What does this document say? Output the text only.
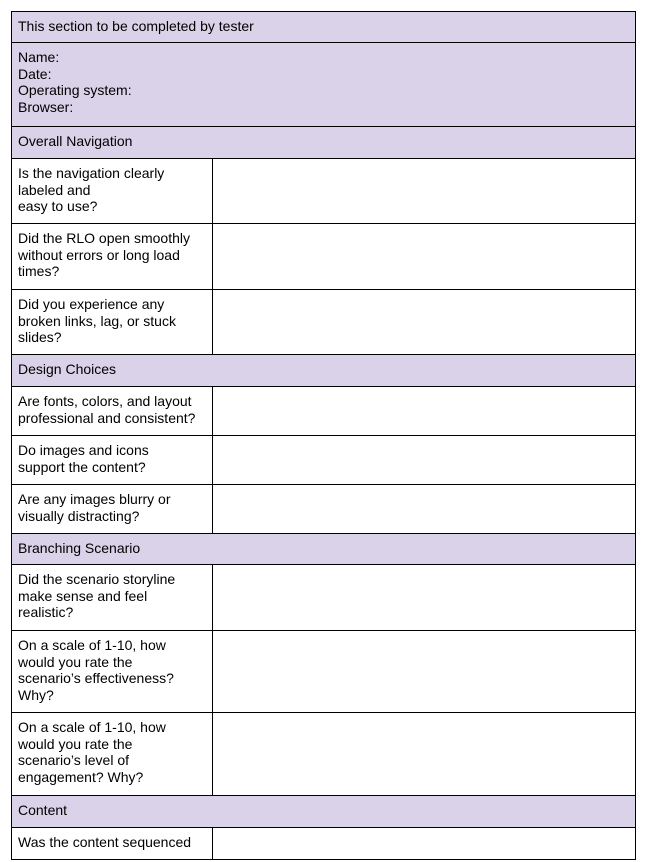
This section to be completed by tester	

Name:
Date:
Operating system:
Browser:	

Overall Navigation	

Is the navigation clearly
labeled and
easy to use?	

Did the RLO open smoothly
without errors or long load
times?	

Did you experience any
broken links, lag, or stuck
slides?	

Design Choices	

Are fonts, colors, and layout
professional and consistent?	

Do images and icons
support the content?	

Are any images blurry or
visually distracting?	

Branching Scenario	

Did the scenario storyline
make sense and feel
realistic?	

On a scale of 1-10, how
would you rate the
scenario’s effectiveness?
Why?	

On a scale of 1-10, how
would you rate the
scenario’s level of
engagement? Why?	

Content	

Was the content sequenced	
